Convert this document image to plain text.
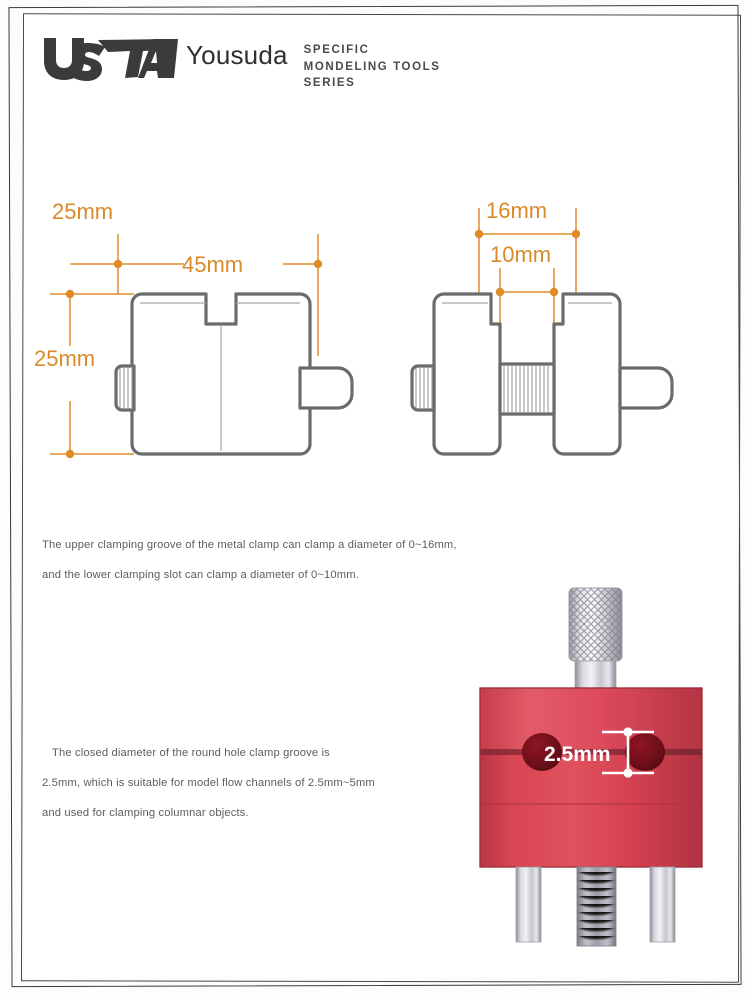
Yousuda SPECIFIC
MONDELING TOOLS
SERIES
25mm
45mm
25mm
16mm
10mm
The upper clamping groove of the metal clamp can clamp a diameter of 0~16mm,
and the lower clamping slot can clamp a diameter of 0~10mm.
The closed diameter of the round hole clamp groove is
2.5mm, which is suitable for model flow channels of 2.5mm~5mm
and used for clamping columnar objects.
2.5mm
